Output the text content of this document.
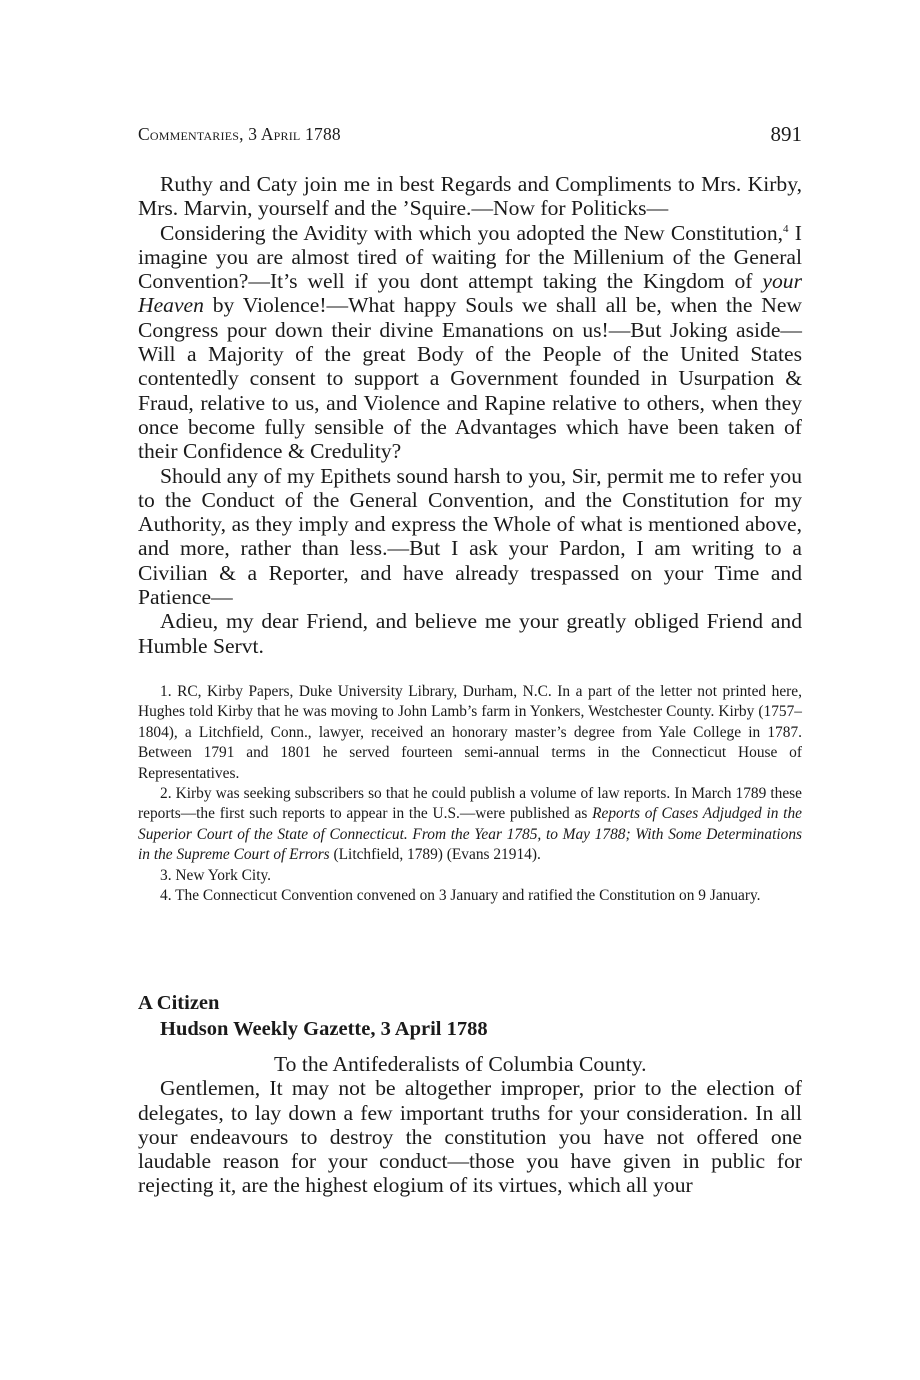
Commentaries, 3 April 1788	891

Ruthy and Caty join me in best Regards and Compliments to Mrs. Kirby, Mrs. Marvin, yourself and the ’Squire.—Now for Politicks—

Considering the Avidity with which you adopted the New Constitution,$^4$ I imagine you are almost tired of waiting for the Millenium of the General Convention?—It’s well if you dont attempt taking the Kingdom of your Heaven by Violence!—What happy Souls we shall all be, when the New Congress pour down their divine Emanations on us!—But Joking aside—Will a Majority of the great Body of the People of the United States contentedly consent to support a Government founded in Usurpation & Fraud, relative to us, and Violence and Rapine relative to others, when they once become fully sensible of the Advantages which have been taken of their Confidence & Credulity?

Should any of my Epithets sound harsh to you, Sir, permit me to refer you to the Conduct of the General Convention, and the Constitution for my Authority, as they imply and express the Whole of what is mentioned above, and more, rather than less.—But I ask your Pardon, I am writing to a Civilian & a Reporter, and have already trespassed on your Time and Patience—

Adieu, my dear Friend, and believe me your greatly obliged Friend and Humble Servt.

1. RC, Kirby Papers, Duke University Library, Durham, N.C. In a part of the letter not printed here, Hughes told Kirby that he was moving to John Lamb’s farm in Yonkers, Westchester County. Kirby (1757–1804), a Litchfield, Conn., lawyer, received an honorary master’s degree from Yale College in 1787. Between 1791 and 1801 he served fourteen semi-annual terms in the Connecticut House of Representatives.

2. Kirby was seeking subscribers so that he could publish a volume of law reports. In March 1789 these reports—the first such reports to appear in the U.S.—were published as Reports of Cases Adjudged in the Superior Court of the State of Connecticut. From the Year 1785, to May 1788; With Some Determinations in the Supreme Court of Errors (Litchfield, 1789) (Evans 21914).

3. New York City.

4. The Connecticut Convention convened on 3 January and ratified the Constitution on 9 January.

A Citizen
Hudson Weekly Gazette, 3 April 1788

To the Antifederalists of Columbia County.

Gentlemen, It may not be altogether improper, prior to the election of delegates, to lay down a few important truths for your consideration. In all your endeavours to destroy the constitution you have not offered one laudable reason for your conduct—those you have given in public for rejecting it, are the highest elogium of its virtues, which all your
